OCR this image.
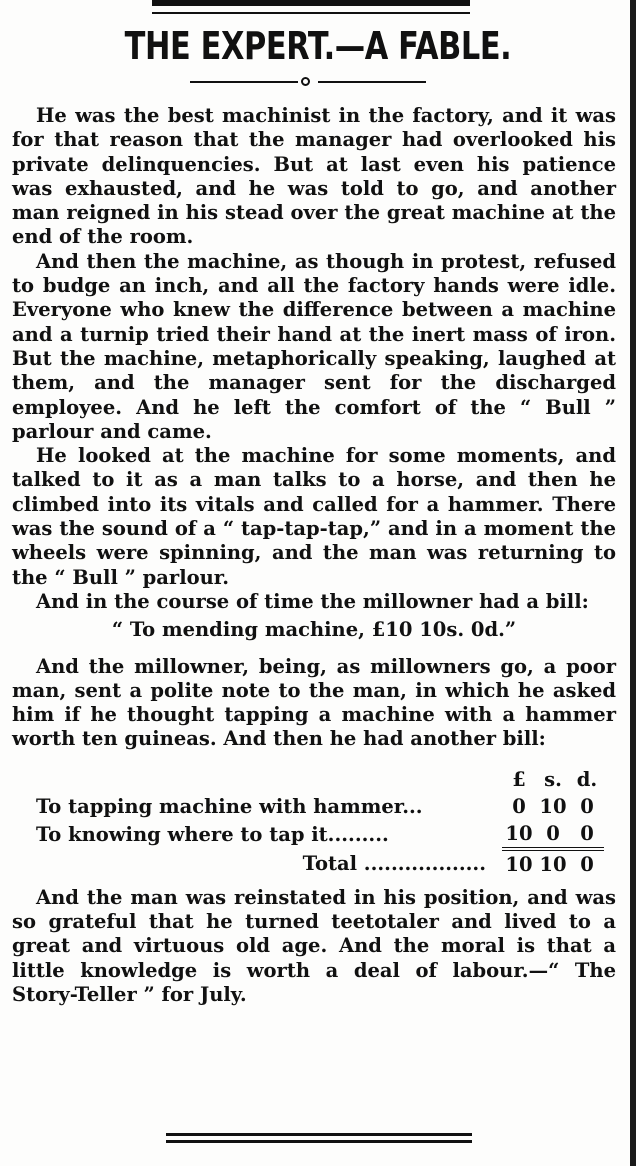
THE EXPERT.—A FABLE.

He was the best machinist in the factory, and it was for that reason that the manager had overlooked his private delinquencies. But at last even his patience was exhausted, and he was told to go, and another man reigned in his stead over the great machine at the end of the room.

And then the machine, as though in protest, refused to budge an inch, and all the factory hands were idle. Everyone who knew the difference between a machine and a turnip tried their hand at the inert mass of iron. But the machine, metaphorically speaking, laughed at them, and the manager sent for the discharged employee. And he left the comfort of the “ Bull ” parlour and came.

He looked at the machine for some moments, and talked to it as a man talks to a horse, and then he climbed into its vitals and called for a hammer. There was the sound of a “ tap-tap-tap,” and in a moment the wheels were spinning, and the man was returning to the “ Bull ” parlour.

And in the course of time the millowner had a bill:

“ To mending machine, £10 10s. 0d.”

And the millowner, being, as millowners go, a poor man, sent a polite note to the man, in which he asked him if he thought tapping a machine with a hammer worth ten guineas. And then he had another bill:

	£	s.	d.
To tapping machine with hammer...	0	10	0
To knowing where to tap it.........	10	0	0
Total ..................	10	10	0

And the man was reinstated in his position, and was so grateful that he turned teetotaler and lived to a great and virtuous old age. And the moral is that a little knowledge is worth a deal of labour.—“ The Story-Teller ” for July.
